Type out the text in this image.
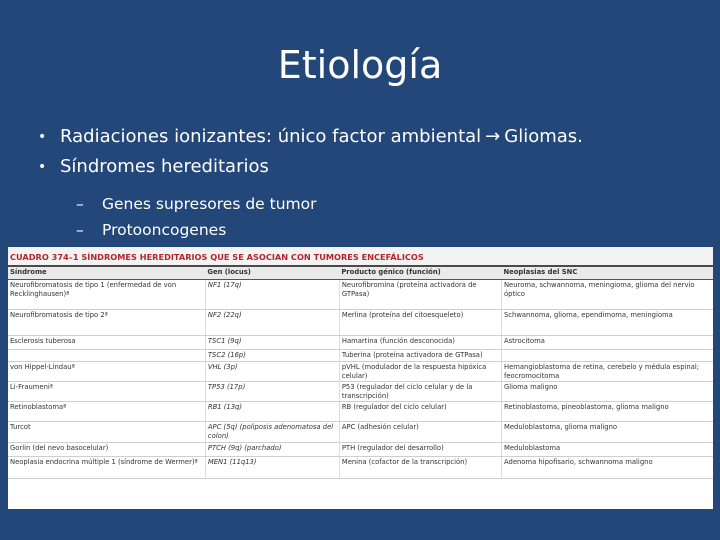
Etiología
• Radiaciones ionizantes: único factor ambiental → Gliomas.
• Síndromes hereditarios
–	Genes supresores de tumor
–	Protooncogenes
CUADRO 374–1 SÍNDROMES HEREDITARIOS QUE SE ASOCIAN CON TUMORES ENCEFÁLICOS
Síndrome	Gen (locus)	Producto génico (función)	Neoplasias del SNC
Neurofibromatosis de tipo 1 (enfermedad de von Recklinghausen)ª	NF1 (17q)	Neurofibromina (proteína activadora de GTPasa)	Neuroma, schwannoma, meningioma, glioma del nervio óptico
Neurofibromatosis de tipo 2ª	NF2 (22q)	Merlina (proteína del citoesqueleto)	Schwannoma, glioma, ependimoma, meningioma
Esclerosis tuberosa	TSC1 (9q)	Hamartina (función desconocida)	Astrocitoma
	TSC2 (16p)	Tuberina (proteína activadora de GTPasa)	
von Hippel-Lindauª	VHL (3p)	pVHL (modulador de la respuesta hipóxica celular)	Hemangioblastoma de retina, cerebelo y médula espinal; feocromocitoma
Li-Fraumeniª	TP53 (17p)	P53 (regulador del ciclo celular y de la transcripción)	Glioma maligno
Retinoblastomaª	RB1 (13q)	RB (regulador del ciclo celular)	Retinoblastoma, pineoblastoma, glioma maligno
Turcot	APC (5q) (poliposis adenomatosa del colon)	APC (adhesión celular)	Meduloblastoma, glioma maligno
Gorlin (del nevo basocelular)	PTCH (9q) (parchado)	PTH (regulador del desarrollo)	Meduloblastoma
Neoplasia endocrina múltiple 1 (síndrome de Wermer)ª	MEN1 (11q13)	Menina (cofactor de la transcripción)	Adenoma hipofisario, schwannoma maligno
